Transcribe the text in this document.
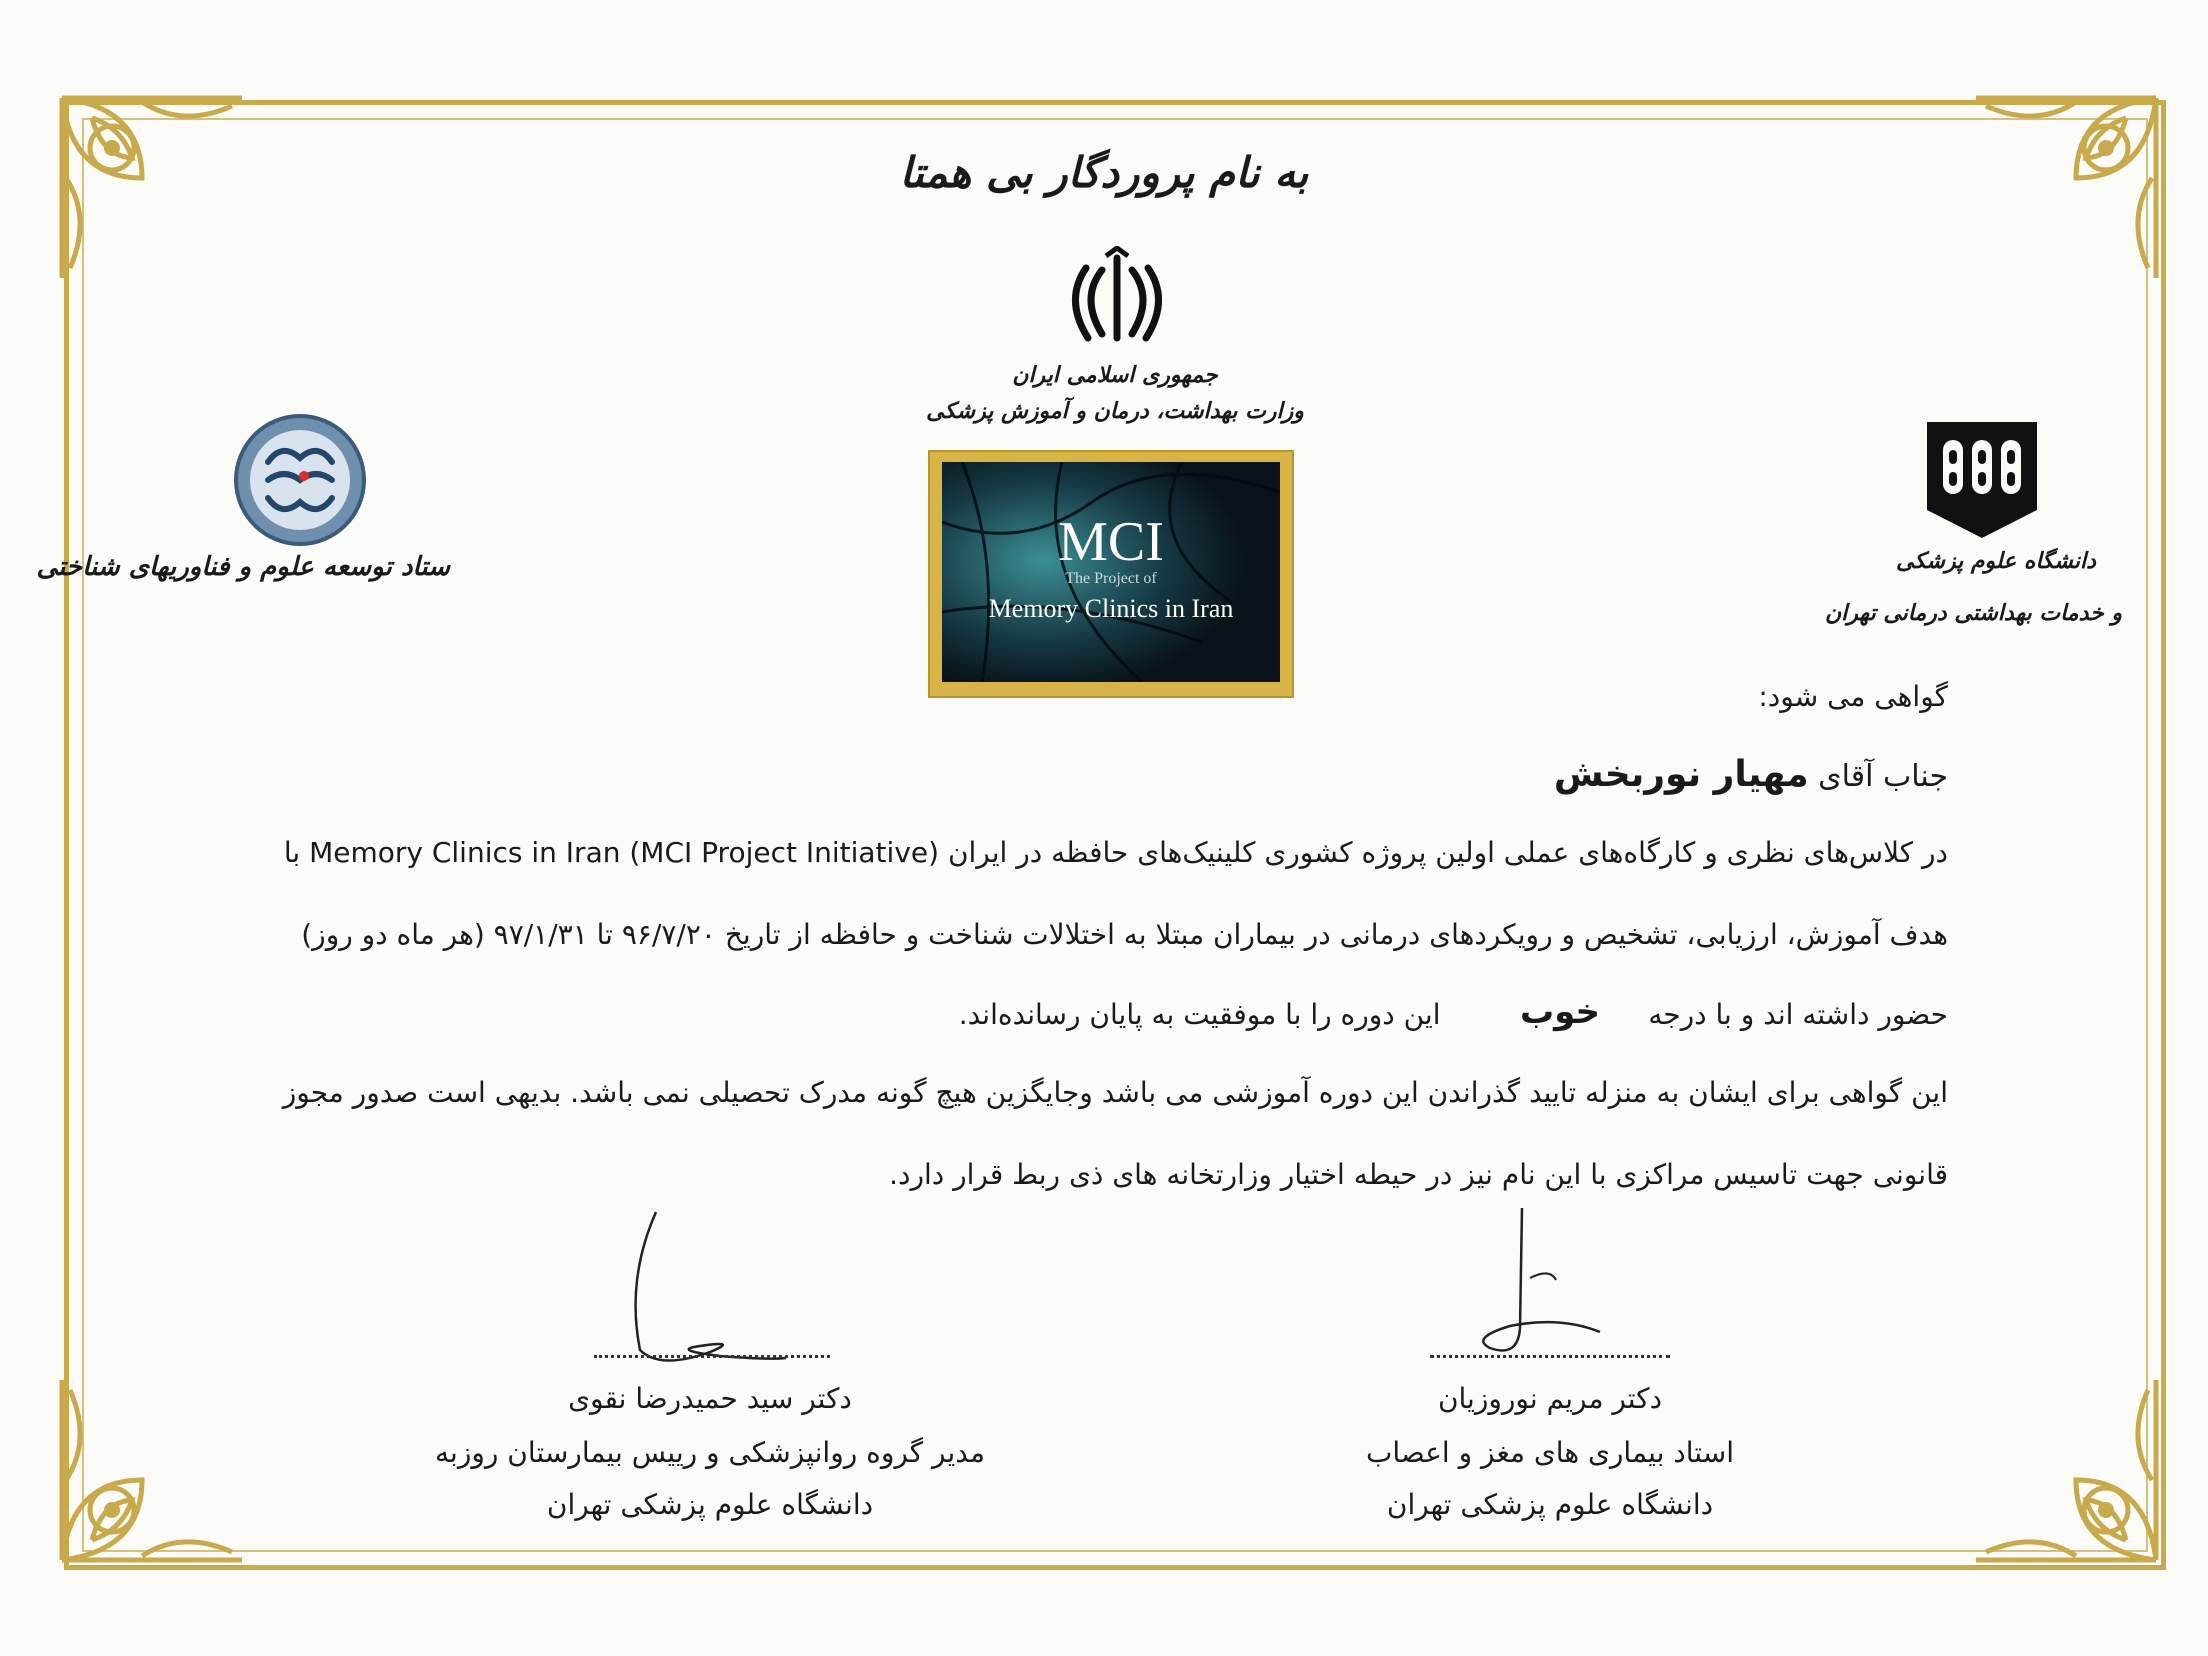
به نام پروردگار بی همتا
جمهوری اسلامی ایران
وزارت بهداشت، درمان و آموزش پزشکی
MCI
The Project of
Memory Clinics in Iran
ستاد توسعه علوم و فناوریهای شناختی	دانشگاه علوم پزشکی
و خدمات بهداشتی درمانی تهران
گواهی می شود:
جناب آقای مهیار نوربخش
در کلاس‌های نظری و کارگاه‌های عملی اولین پروژه کشوری کلینیک‌های حافظه در ایران Memory Clinics in Iran (MCI Project Initiative) با
هدف آموزش، ارزیابی، تشخیص و رویکردهای درمانی در بیماران مبتلا به اختلالات شناخت و حافظه از تاریخ ۹۶/۷/۲۰ تا ۹۷/۱/۳۱ (هر ماه دو روز)
حضور داشته اند و با درجه  این دوره را با موفقیت به پایان رسانده‌اند.	خوب
این گواهی برای ایشان به منزله تایید گذراندن این دوره آموزشی می باشد وجایگزین هیچ گونه مدرک تحصیلی نمی باشد. بدیهی است صدور مجوز
قانونی جهت تاسیس مراکزی با این نام نیز در حیطه اختیار وزارتخانه های ذی ربط قرار دارد.
دکتر سید حمیدرضا نقوی
مدیر گروه روانپزشکی و رییس بیمارستان روزبه
دانشگاه علوم پزشکی تهران
دکتر مریم نوروزیان
استاد بیماری های مغز و اعصاب
دانشگاه علوم پزشکی تهران
